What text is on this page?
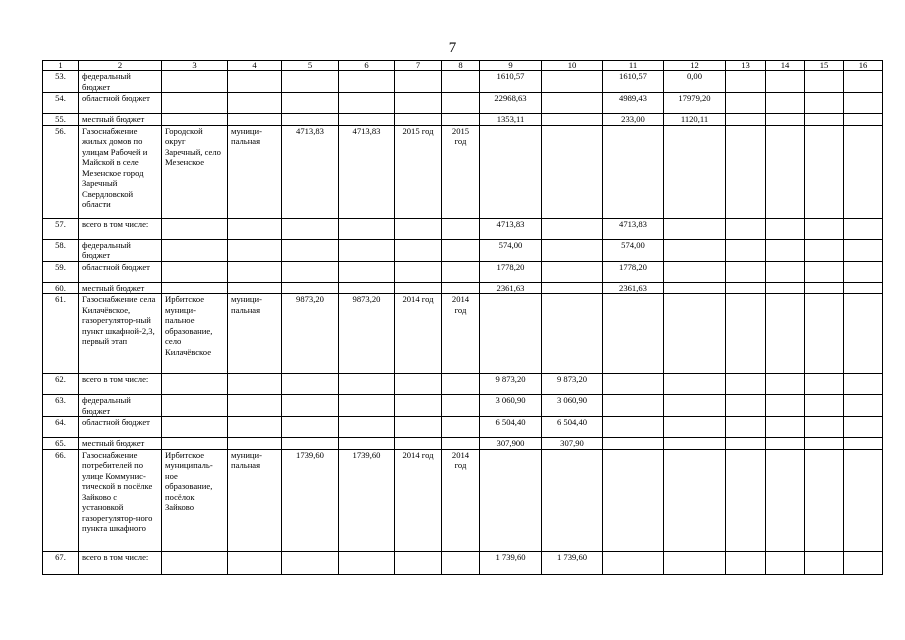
7
1	2	3	4	5	6	7	8	9	10	11	12	13	14	15	16
53.	федеральный бюджет							1610,57		1610,57	0,00				
54.	областной бюджет							22968,63		4989,43	17979,20				
55.	местный бюджет							1353,11		233,00	1120,11				
56.	Газоснабжение жилых домов по улицам Рабочей и Майской в селе Мезенское город Заречный Свердловской области	Городской округ Заречный, село Мезенское	муници-пальная	4713,83	4713,83	2015 год	2015 год								
57.	всего в том числе:							4713,83		4713,83					
58.	федеральный бюджет							574,00		574,00					
59.	областной бюджет							1778,20		1778,20					
60.	местный бюджет							2361,63		2361,63					
61.	Газоснабжение села Килачёвское, газорегулятор-ный пункт шкафной-2,3, первый этап	Ирбитское муници-пальное образование, село Килачёвское	муници-пальная	9873,20	9873,20	2014 год	2014 год								
62.	всего в том числе:							9 873,20	9 873,20						
63.	федеральный бюджет							3 060,90	3 060,90						
64.	областной бюджет							6 504,40	6 504,40						
65.	местный бюджет							307,900	307,90						
66.	Газоснабжение потребителей по улице Коммунис-тической в посёлке Зайково с установкой газорегулятор-ного пункта шкафного	Ирбитское муниципаль-ное образование, посёлок Зайково	муници-пальная	1739,60	1739,60	2014 год	2014 год								
67.	всего в том числе:							1 739,60	1 739,60						
